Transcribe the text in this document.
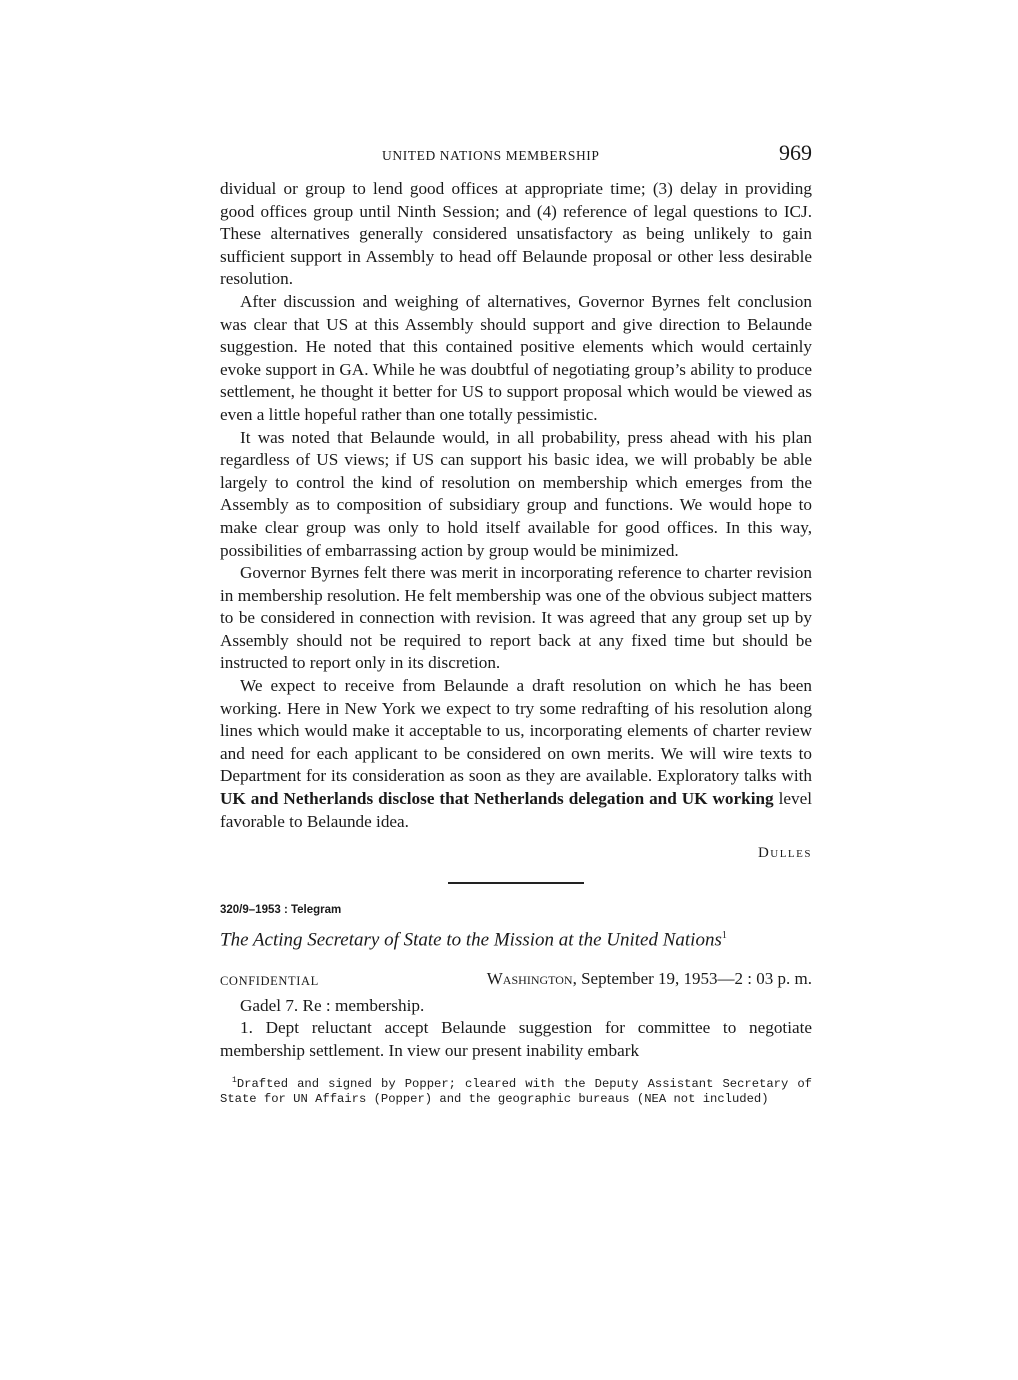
UNITED NATIONS MEMBERSHIP	969

dividual or group to lend good offices at appropriate time; (3) delay in providing good offices group until Ninth Session; and (4) reference of legal questions to ICJ. These alternatives generally considered unsatisfactory as being unlikely to gain sufficient support in Assembly to head off Belaunde proposal or other less desirable resolution.

After discussion and weighing of alternatives, Governor Byrnes felt conclusion was clear that US at this Assembly should support and give direction to Belaunde suggestion. He noted that this contained positive elements which would certainly evoke support in GA. While he was doubtful of negotiating group’s ability to produce settlement, he thought it better for US to support proposal which would be viewed as even a little hopeful rather than one totally pessimistic.

It was noted that Belaunde would, in all probability, press ahead with his plan regardless of US views; if US can support his basic idea, we will probably be able largely to control the kind of resolution on membership which emerges from the Assembly as to composition of subsidiary group and functions. We would hope to make clear group was only to hold itself available for good offices. In this way, possibilities of embarrassing action by group would be minimized.

Governor Byrnes felt there was merit in incorporating reference to charter revision in membership resolution. He felt membership was one of the obvious subject matters to be considered in connection with revision. It was agreed that any group set up by Assembly should not be required to report back at any fixed time but should be instructed to report only in its discretion.

We expect to receive from Belaunde a draft resolution on which he has been working. Here in New York we expect to try some redrafting of his resolution along lines which would make it acceptable to us, incorporating elements of charter review and need for each applicant to be considered on own merits. We will wire texts to Department for its consideration as soon as they are available. Exploratory talks with UK and Netherlands disclose that Netherlands delegation and UK working level favorable to Belaunde idea.

Dulles
320/9–1953 : Telegram
The Acting Secretary of State to the Mission at the United Nations$^1$
CONFIDENTIAL	Washington, September 19, 1953—2 : 03 p. m.

Gadel 7. Re : membership.

1. Dept reluctant accept Belaunde suggestion for committee to negotiate membership settlement. In view our present inability embark

$^1$Drafted and signed by Popper; cleared with the Deputy Assistant Secretary of State for UN Affairs (Popper) and the geographic bureaus (NEA not included)
